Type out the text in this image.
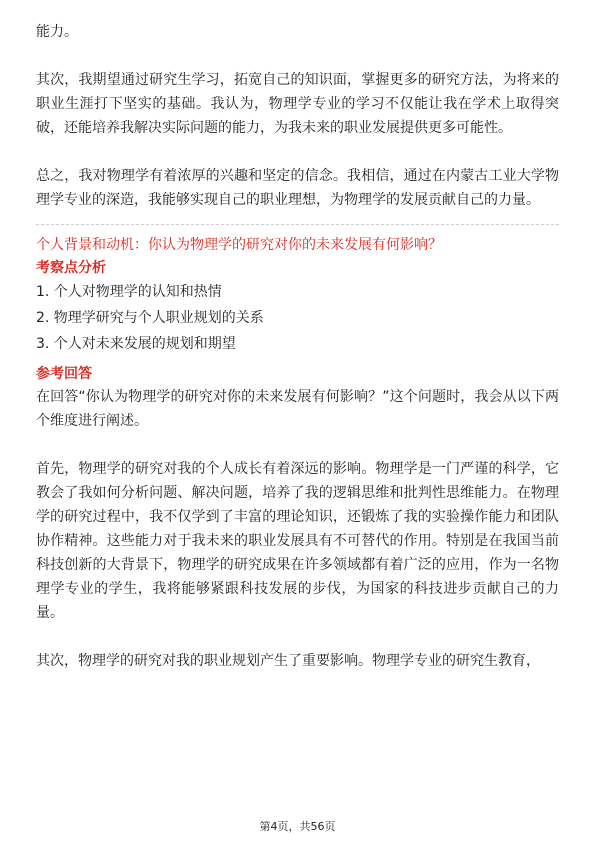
能力。

其次，我期望通过研究生学习，拓宽自己的知识面，掌握更多的研究方法，为将来的职业生涯打下坚实的基础。我认为，物理学专业的学习不仅能让我在学术上取得突破，还能培养我解决实际问题的能力，为我未来的职业发展提供更多可能性。

总之，我对物理学有着浓厚的兴趣和坚定的信念。我相信，通过在内蒙古工业大学物理学专业的深造，我能够实现自己的职业理想，为物理学的发展贡献自己的力量。

个人背景和动机：你认为物理学的研究对你的未来发展有何影响？

考察点分析

1. 个人对物理学的认知和热情
2. 物理学研究与个人职业规划的关系
3. 个人对未来发展的规划和期望

参考回答

在回答“你认为物理学的研究对你的未来发展有何影响？”这个问题时，我会从以下两个维度进行阐述。

首先，物理学的研究对我的个人成长有着深远的影响。物理学是一门严谨的科学，它教会了我如何分析问题、解决问题，培养了我的逻辑思维和批判性思维能力。在物理学的研究过程中，我不仅学到了丰富的理论知识，还锻炼了我的实验操作能力和团队协作精神。这些能力对于我未来的职业发展具有不可替代的作用。特别是在我国当前科技创新的大背景下，物理学的研究成果在许多领域都有着广泛的应用，作为一名物理学专业的学生，我将能够紧跟科技发展的步伐，为国家的科技进步贡献自己的力量。

其次，物理学的研究对我的职业规划产生了重要影响。物理学专业的研究生教育，

第4页，共56页
